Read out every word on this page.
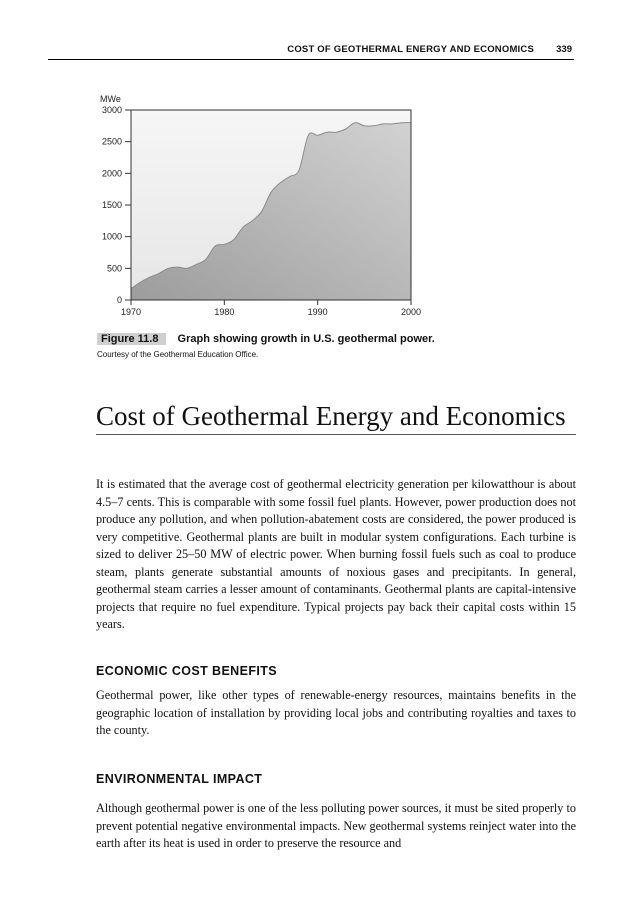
COST OF GEOTHERMAL ENERGY AND ECONOMICS 339
MWe
3000
2500
2000
1500
1000
500
0
1970	1980	1990	2000
Figure 11.8 Graph showing growth in U.S. geothermal power. Courtesy of the Geothermal Education Office.
Cost of Geothermal Energy and Economics

It is estimated that the average cost of geothermal electricity generation per kilowatthour is about 4.5–7 cents. This is comparable with some fossil fuel plants. However, power production does not produce any pollution, and when pollution-abatement costs are considered, the power produced is very competitive. Geothermal plants are built in modular system configurations. Each turbine is sized to deliver 25–50 MW of electric power. When burning fossil fuels such as coal to produce steam, plants generate substantial amounts of noxious gases and precipitants. In general, geothermal steam carries a lesser amount of contaminants. Geothermal plants are capital-intensive projects that require no fuel expenditure. Typical projects pay back their capital costs within 15 years.

ECONOMIC COST BENEFITS

Geothermal power, like other types of renewable-energy resources, maintains benefits in the geographic location of installation by providing local jobs and contributing royalties and taxes to the county.

ENVIRONMENTAL IMPACT

Although geothermal power is one of the less polluting power sources, it must be sited properly to prevent potential negative environmental impacts. New geothermal systems reinject water into the earth after its heat is used in order to preserve the resource and
